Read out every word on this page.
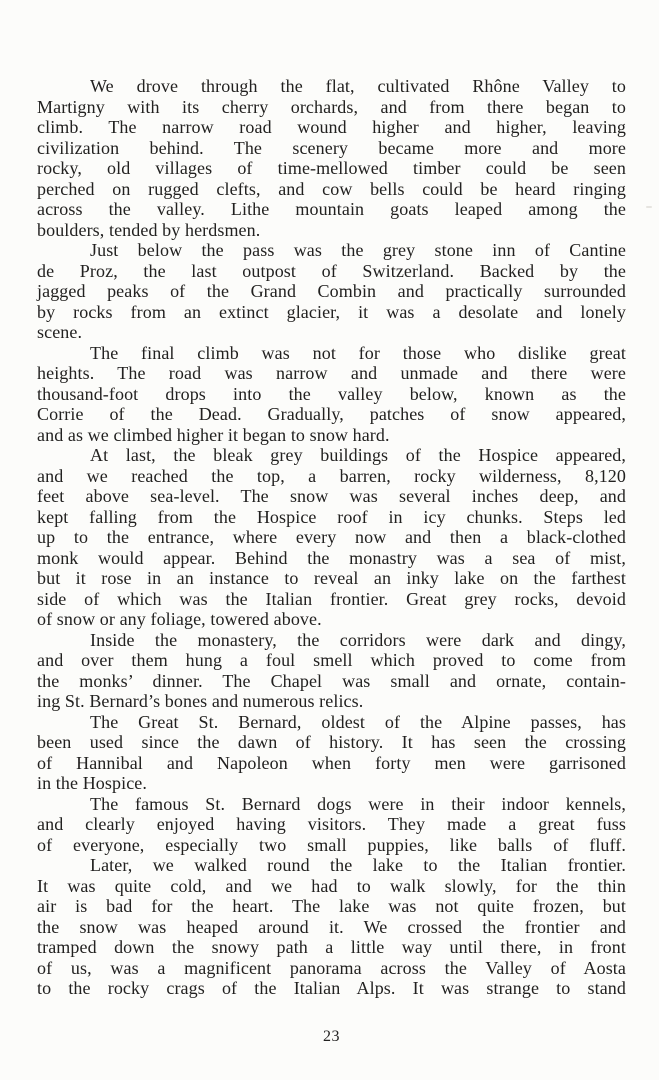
We drove through the flat, cultivated Rhône Valley to
Martigny with its cherry orchards, and from there began to
climb. The narrow road wound higher and higher, leaving
civilization behind. The scenery became more and more
rocky, old villages of time-mellowed timber could be seen
perched on rugged clefts, and cow bells could be heard ringing
across the valley. Lithe mountain goats leaped among the
boulders, tended by herdsmen.
Just below the pass was the grey stone inn of Cantine
de Proz, the last outpost of Switzerland. Backed by the
jagged peaks of the Grand Combin and practically surrounded
by rocks from an extinct glacier, it was a desolate and lonely
scene.
The final climb was not for those who dislike great
heights. The road was narrow and unmade and there were
thousand-foot drops into the valley below, known as the
Corrie of the Dead. Gradually, patches of snow appeared,
and as we climbed higher it began to snow hard.
At last, the bleak grey buildings of the Hospice appeared,
and we reached the top, a barren, rocky wilderness, 8,120
feet above sea-level. The snow was several inches deep, and
kept falling from the Hospice roof in icy chunks. Steps led
up to the entrance, where every now and then a black-clothed
monk would appear. Behind the monastry was a sea of mist,
but it rose in an instance to reveal an inky lake on the farthest
side of which was the Italian frontier. Great grey rocks, devoid
of snow or any foliage, towered above.
Inside the monastery, the corridors were dark and dingy,
and over them hung a foul smell which proved to come from
the monks’ dinner. The Chapel was small and ornate, contain-
ing St. Bernard’s bones and numerous relics.
The Great St. Bernard, oldest of the Alpine passes, has
been used since the dawn of history. It has seen the crossing
of Hannibal and Napoleon when forty men were garrisoned
in the Hospice.
The famous St. Bernard dogs were in their indoor kennels,
and clearly enjoyed having visitors. They made a great fuss
of everyone, especially two small puppies, like balls of fluff.
Later, we walked round the lake to the Italian frontier.
It was quite cold, and we had to walk slowly, for the thin
air is bad for the heart. The lake was not quite frozen, but
the snow was heaped around it. We crossed the frontier and
tramped down the snowy path a little way until there, in front
of us, was a magnificent panorama across the Valley of Aosta
to the rocky crags of the Italian Alps. It was strange to stand
23
